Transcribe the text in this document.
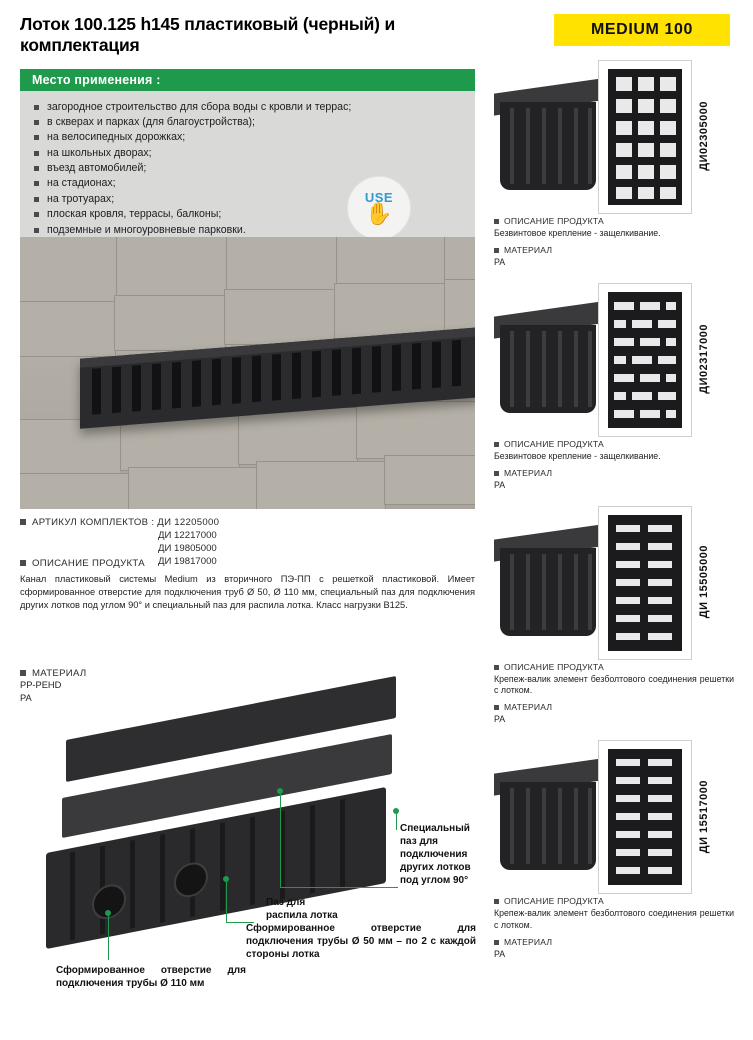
Лоток 100.125 h145 пластиковый (черный) и комплектация
Место применения :
загородное строительство для сбора воды с кровли и террас;
в скверах и парках (для благоустройства);
на велосипедных дорожках;
на школьных дворах;
въезд автомобилей;
на стадионах;
на тротуарах;
плоская кровля, террасы, балконы;
подземные и многоуровневые парковки.
USE
✋
АРТИКУЛ КОМПЛЕКТОВ : ДИ 12205000
ДИ 12217000
ДИ 19805000
ДИ 19817000
ОПИСАНИЕ ПРОДУКТА
Канал пластиковый системы Medium из вторичного ПЭ-ПП с решеткой пластиковой. Имеет сформированное отверстие для подключения труб Ø 50, Ø 110 мм, специальный паз для подключения других лотков под углом 90° и специальный паз для распила лотка. Класс нагрузки B125.
МАТЕРИАЛ
PP-PEHD
PA
Специальный паз для подключения других лотков под углом 90°
Паз для распила лотка
Сформированное отверстие для подключения трубы Ø 50 мм – по 2 с каждой стороны лотка
Сформированное отверстие для подключения трубы Ø 110 мм
MEDIUM 100
ДИ02305000
ОПИСАНИЕ ПРОДУКТА
Безвинтовое крепление - защелкивание.
МАТЕРИАЛ
PA
ДИ02317000
ОПИСАНИЕ ПРОДУКТА
Безвинтовое крепление - защелкивание.
МАТЕРИАЛ
PA
ДИ 15505000
ОПИСАНИЕ ПРОДУКТА
Крепеж-валик элемент безболтового соединения решетки с лотком.
МАТЕРИАЛ
PA
ДИ 15517000
ОПИСАНИЕ ПРОДУКТА
Крепеж-валик элемент безболтового соединения решетки с лотком.
МАТЕРИАЛ
PA
